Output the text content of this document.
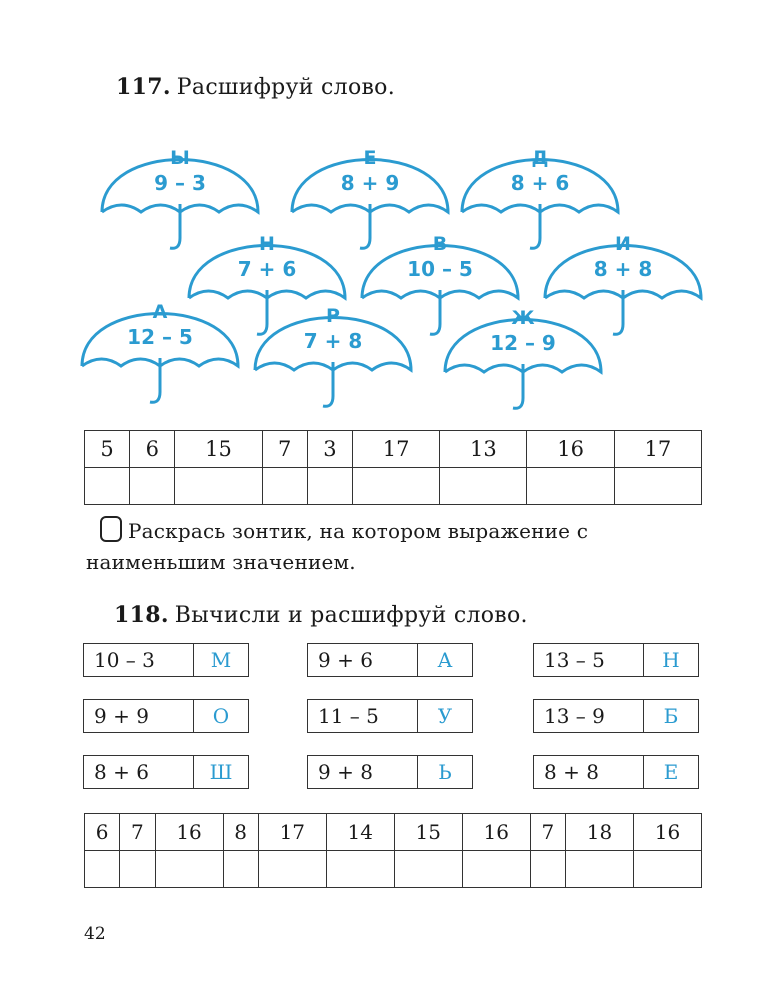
117. Расшифруй слово.
Ы
9 – 3
Е
8 + 9
Д
8 + 6
Н
7 + 6
В
10 – 5
И
8 + 8
А
12 – 5
Р
7 + 8
Ж
12 – 9
5	6	15	7	3	17	13	16	17

Раскрась зонтик, на котором выражение с наименьшим значением.
118. Вычисли и расшифруй слово.
10 – 3	М	9 + 6	А	13 – 5	Н
9 + 9	О	11 – 5	У	13 – 9	Б
8 + 6	Ш	9 + 8	Ь	8 + 8	Е
6	7	16	8	17	14	15	16	7	18	16

42
